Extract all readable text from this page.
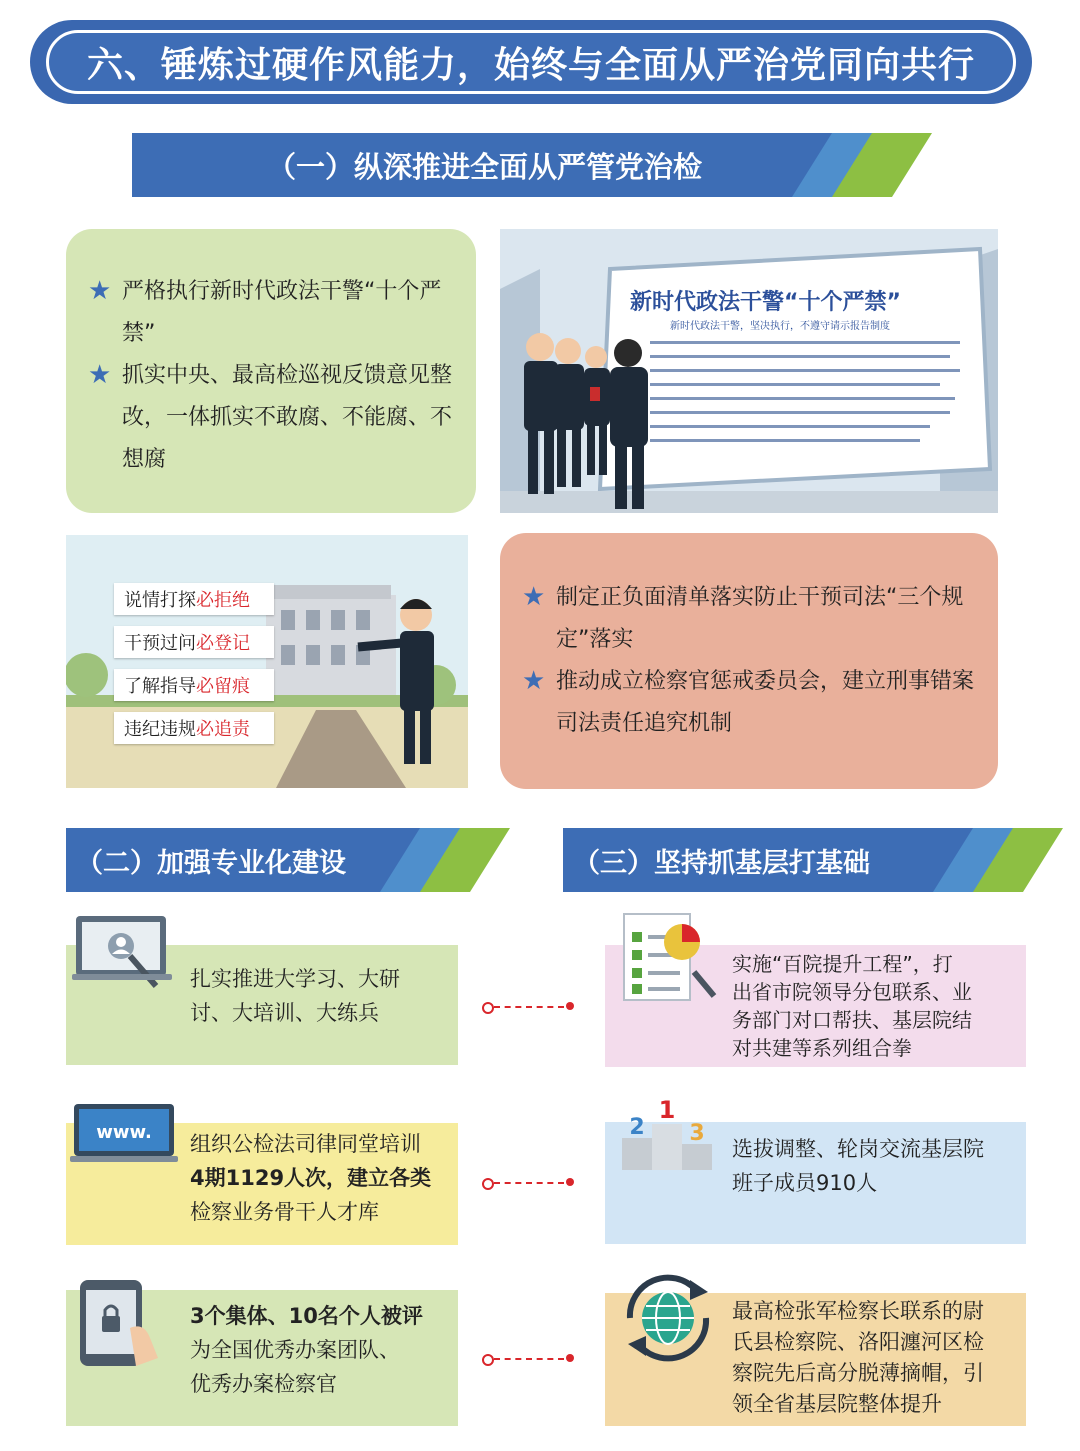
六、锤炼过硬作风能力，始终与全面从严治党同向共行
（一）纵深推进全面从严管党治检
★ 严格执行新时代政法干警“十个严禁”
★ 抓实中央、最高检巡视反馈意见整改，一体抓实不敢腐、不能腐、不想腐
新时代政法干警“十个严禁”
新时代政法干警，坚决执行，不遵守请示报告制度
说情打探 必拒绝
干预过问 必登记
了解指导 必留痕
违纪违规 必追责
★ 制定正负面清单落实防止干预司法“三个规定”落实
★ 推动成立检察官惩戒委员会，建立刑事错案司法责任追究机制
（二）加强专业化建设	（三）坚持抓基层打基础
扎实推进大学习、大研
讨、大培训、大练兵
www. 组织公检法司律同堂培训
4期1129人次，建立各类
检察业务骨干人才库
3个集体、10名个人被评
为全国优秀办案团队、
优秀办案检察官
实施“百院提升工程”，打
出省市院领导分包联系、业
务部门对口帮扶、基层院结
对共建等系列组合拳
2
1
3
选拔调整、轮岗交流基层院
班子成员910人
最高检张军检察长联系的尉
氏县检察院、洛阳瀍河区检
察院先后高分脱薄摘帽，引
领全省基层院整体提升
